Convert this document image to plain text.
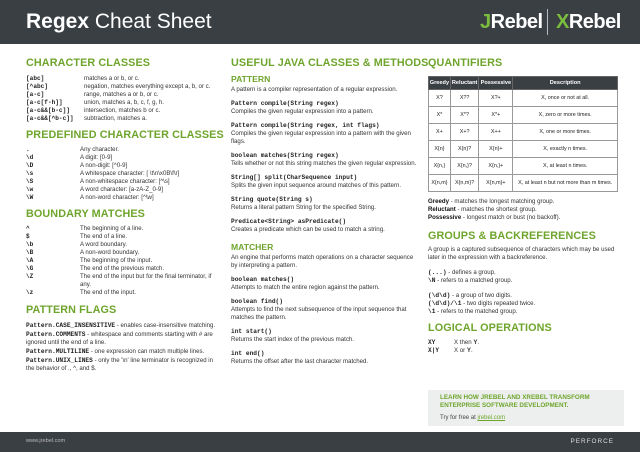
Regex Cheat Sheet	JRebel XRebel
CHARACTER CLASSES
[abc]	matches a or b, or c.
[^abc]	negation, matches everything except a, b, or c.
[a-c]	range, matches a or b, or c.
[a-c[f-h]]	union, matches a, b, c, f, g, h.
[a-c&&[b-c]]	intersection, matches b or c.
[a-c&&[^b-c]]	subtraction, matches a.
PREDEFINED CHARACTER CLASSES
.	Any character.
\d	A digit: [0-9]
\D	A non-digit: [^0-9]
\s	A whitespace character: [ \t\n\x0B\f\r]
\S	A non-whitespace character: [^\s]
\w	A word character: [a-zA-Z_0-9]
\W	A non-word character: [^\w]
BOUNDARY MATCHES
^	The beginning of a line.
$	The end of a line.
\b	A word boundary.
\B	A non-word boundary.
\A	The beginning of the input.
\G	The end of the previous match.
\Z	The end of the input but for the final terminator, if any.
\z	The end of the input.
PATTERN FLAGS
Pattern.CASE_INSENSITIVE - enables case-insensitive matching.
Pattern.COMMENTS - whitespace and comments starting with # are ignored until the end of a line.
Pattern.MULTILINE - one expression can match multiple lines.
Pattern.UNIX_LINES - only the '\n' line terminator is recognized in the behavior of ., ^, and $.
USEFUL JAVA CLASSES & METHODS
PATTERN
A pattern is a compiler representation of a regular expression.
Pattern compile(String regex)
Compiles the given regular expression into a pattern.
Pattern compile(String regex, int flags)
Compiles the given regular expression into a pattern with the given flags.
boolean matches(String regex)
Tells whether or not this string matches the given regular expression.
String[] split(CharSequence input)
Splits the given input sequence around matches of this pattern.
String quote(String s)
Returns a literal pattern String for the specified String.
Predicate<String> asPredicate()
Creates a predicate which can be used to match a string.
MATCHER
An engine that performs match operations on a character sequence by interpreting a pattern.
boolean matches()
Attempts to match the entire region against the pattern.
boolean find()
Attempts to find the next subsequence of the input sequence that matches the pattern.
int start()
Returns the start index of the previous match.
int end()
Returns the offset after the last character matched.
QUANTIFIERS
Greedy	Reluctant	Possessive	Description
X?	X??	X?+	X, once or not at all.
X*	X*?	X*+	X, zero or more times.
X+	X+?	X++	X, one or more times.
X{n}	X{n}?	X{n}+	X, exactly n times.
X{n,}	X{n,}?	X{n,}+	X, at least n times.
X{n,m}	X{n,m}?	X{n,m}+	X, at least n but not more than m times.
Greedy - matches the longest matching group.
Reluctant - matches the shortest group.
Possessive - longest match or bust (no backoff).
GROUPS & BACKREFERENCES
A group is a captured subsequence of characters which may be used later in the expression with a backreference.
(...) - defines a group.
\N - refers to a matched group.
(\d\d) - a group of two digits.
(\d\d)/\1 - two digits repeated twice.
\1 - refers to the matched group.
LOGICAL OPERATIONS
XY	X then Y.
X|Y	X or Y.
LEARN HOW JREBEL AND XREBEL TRANSFORM
ENTERPRISE SOFTWARE DEVELOPMENT.
Try for free at jrebel.com
www.jrebel.com	PERFORCE
